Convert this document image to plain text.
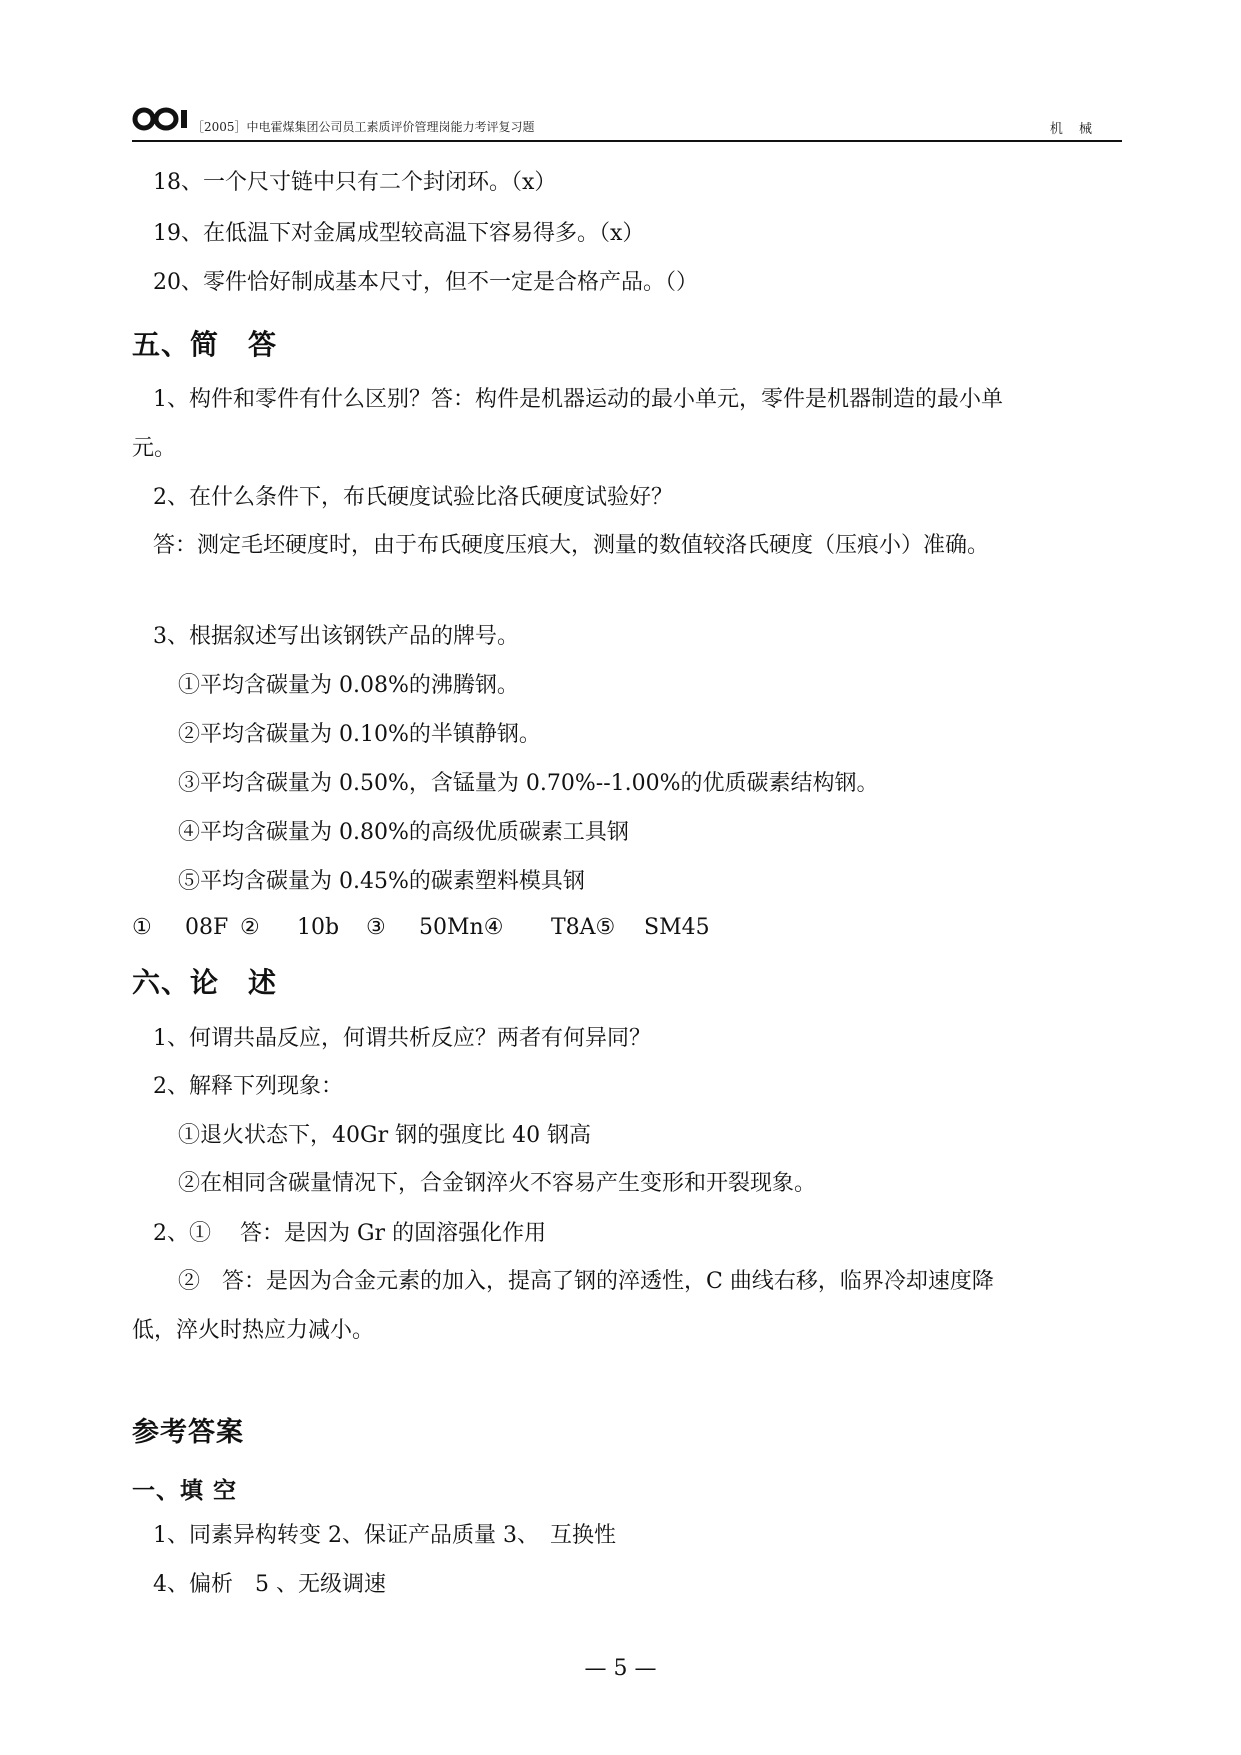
［2005］中电霍煤集团公司员工素质评价管理岗能力考评复习题	机 械
18、一个尺寸链中只有二个封闭环。（x）
19、在低温下对金属成型较高温下容易得多。（x）
20、零件恰好制成基本尺寸，但不一定是合格产品。（）
五、简　答
1、构件和零件有什么区别？答：构件是机器运动的最小单元，零件是机器制造的最小单
元。
2、在什么条件下，布氏硬度试验比洛氏硬度试验好？
答：测定毛坯硬度时，由于布氏硬度压痕大，测量的数值较洛氏硬度（压痕小）准确。
3、根据叙述写出该钢铁产品的牌号。
①平均含碳量为 0.08%的沸腾钢。
②平均含碳量为 0.10%的半镇静钢。
③平均含碳量为 0.50%，含锰量为 0.70%--1.00%的优质碳素结构钢。
④平均含碳量为 0.80%的高级优质碳素工具钢
⑤平均含碳量为 0.45%的碳素塑料模具钢
① 08F ② 10b ③ 50Mn④ T8A⑤ SM45
六、论　述
1、何谓共晶反应，何谓共析反应？两者有何异同？
2、解释下列现象：
①退火状态下，40Gr 钢的强度比 40 钢高
②在相同含碳量情况下，合金钢淬火不容易产生变形和开裂现象。
2、①　 答：是因为 Gr 的固溶强化作用
②　答：是因为合金元素的加入，提高了钢的淬透性，C 曲线右移，临界冷却速度降
低，淬火时热应力减小。
参考答案
一、填 空
1、同素异构转变 2、保证产品质量 3、　互换性
4、偏析　5 、无级调速
— 5 —
